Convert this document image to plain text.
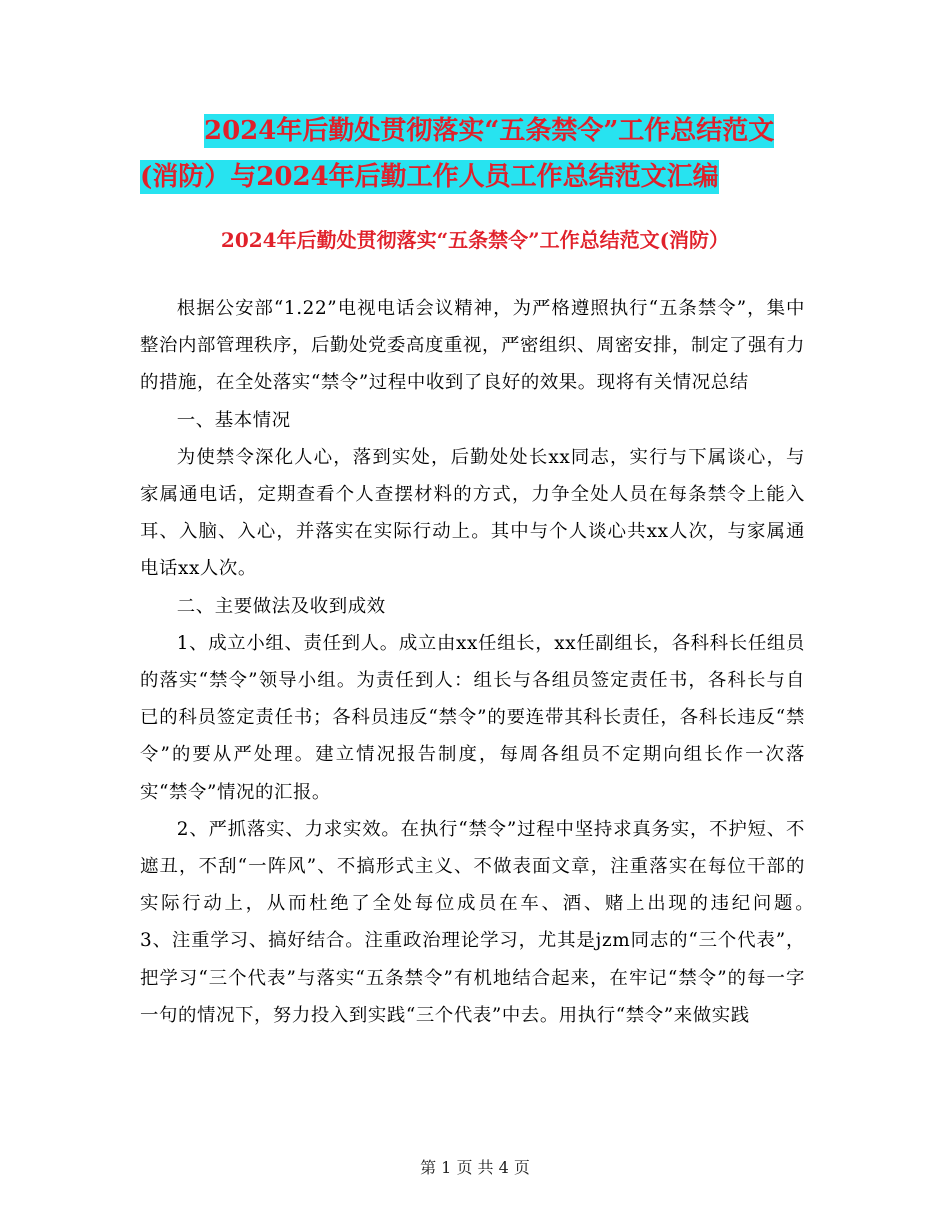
2024年后勤处贯彻落实“五条禁令”工作总结范文
(消防）与2024年后勤工作人员工作总结范文汇编
2024年后勤处贯彻落实“五条禁令”工作总结范文(消防）

根据公安部“1.22”电视电话会议精神，为严格遵照执行“五条禁令”，集中整治内部管理秩序，后勤处党委高度重视，严密组织、周密安排，制定了强有力的措施，在全处落实“禁令”过程中收到了良好的效果。现将有关情况总结

一、基本情况

为使禁令深化人心，落到实处，后勤处处长xx同志，实行与下属谈心，与家属通电话，定期查看个人查摆材料的方式，力争全处人员在每条禁令上能入耳、入脑、入心，并落实在实际行动上。其中与个人谈心共xx人次，与家属通电话xx人次。

二、主要做法及收到成效

1、成立小组、责任到人。成立由xx任组长，xx任副组长，各科科长任组员的落实“禁令”领导小组。为责任到人：组长与各组员签定责任书，各科长与自已的科员签定责任书；各科员违反“禁令”的要连带其科长责任，各科长违反“禁令”的要从严处理。建立情况报告制度，每周各组员不定期向组长作一次落实“禁令”情况的汇报。

2、严抓落实、力求实效。在执行“禁令”过程中坚持求真务实，不护短、不遮丑，不刮“一阵风”、不搞形式主义、不做表面文章，注重落实在每位干部的实际行动上，从而杜绝了全处每位成员在车、酒、赌上出现的违纪问题。　　3、注重学习、搞好结合。注重政治理论学习，尤其是jzm同志的“三个代表”，把学习“三个代表”与落实“五条禁令”有机地结合起来，在牢记“禁令”的每一字一句的情况下，努力投入到实践“三个代表”中去。用执行“禁令”来做实践

第 1 页 共 4 页
